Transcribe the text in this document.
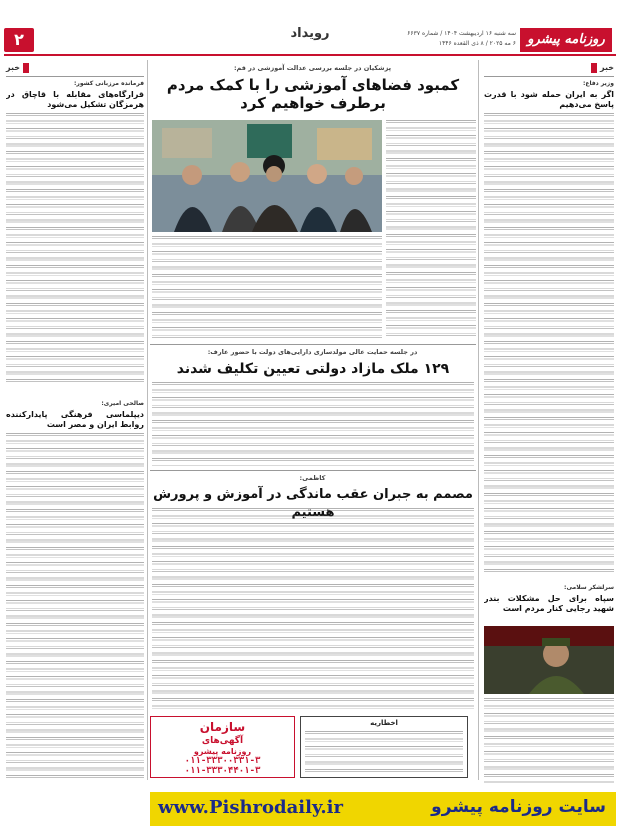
۲	رویداد	سه شنبه ۱۶ اردیبهشت ۱۴۰۴ / شماره ۶۶۳۷
۶ مه ۲۰۲۵ / ۸ ذی القعده ۱۴۴۶ روزنامه پیشرو
خبر	خبر
فرمانده مرزبانی کشور:
قرارگاه‌های مقابله با قاچاق در هرمزگان تشکیل می‌شود
صالحی امیری:
دیپلماسی فرهنگی پایدارکننده روابط ایران و مصر است
وزیر دفاع:
اگر به ایران حمله شود با قدرت پاسخ می‌دهیم
سرلشکر سلامی:
سپاه برای حل مشکلات بندر شهید رجایی کنار مردم است
پزشکیان در جلسه بررسی عدالت آموزشی در قم:
کمبود فضاهای آموزشی را با کمک مردم برطرف خواهیم کرد
در جلسه حمایت عالی مولدسازی دارایی‌های دولت با حضور عارف:
۱۲۹ ملک مازاد دولتی تعیین تکلیف شدند
کاظمی:
مصمم به جبران عقب ماندگی در آموزش و پرورش هستیم
سازمان
آگهی‌های
روزنامه پیشرو
۰۱۱-۳۳۳۰۰۳۳۱-۳
۰۱۱-۳۳۳۰۴۴۰۱-۳
اخطاریه
www.Pishrodaily.ir	سایت روزنامه پیشرو
